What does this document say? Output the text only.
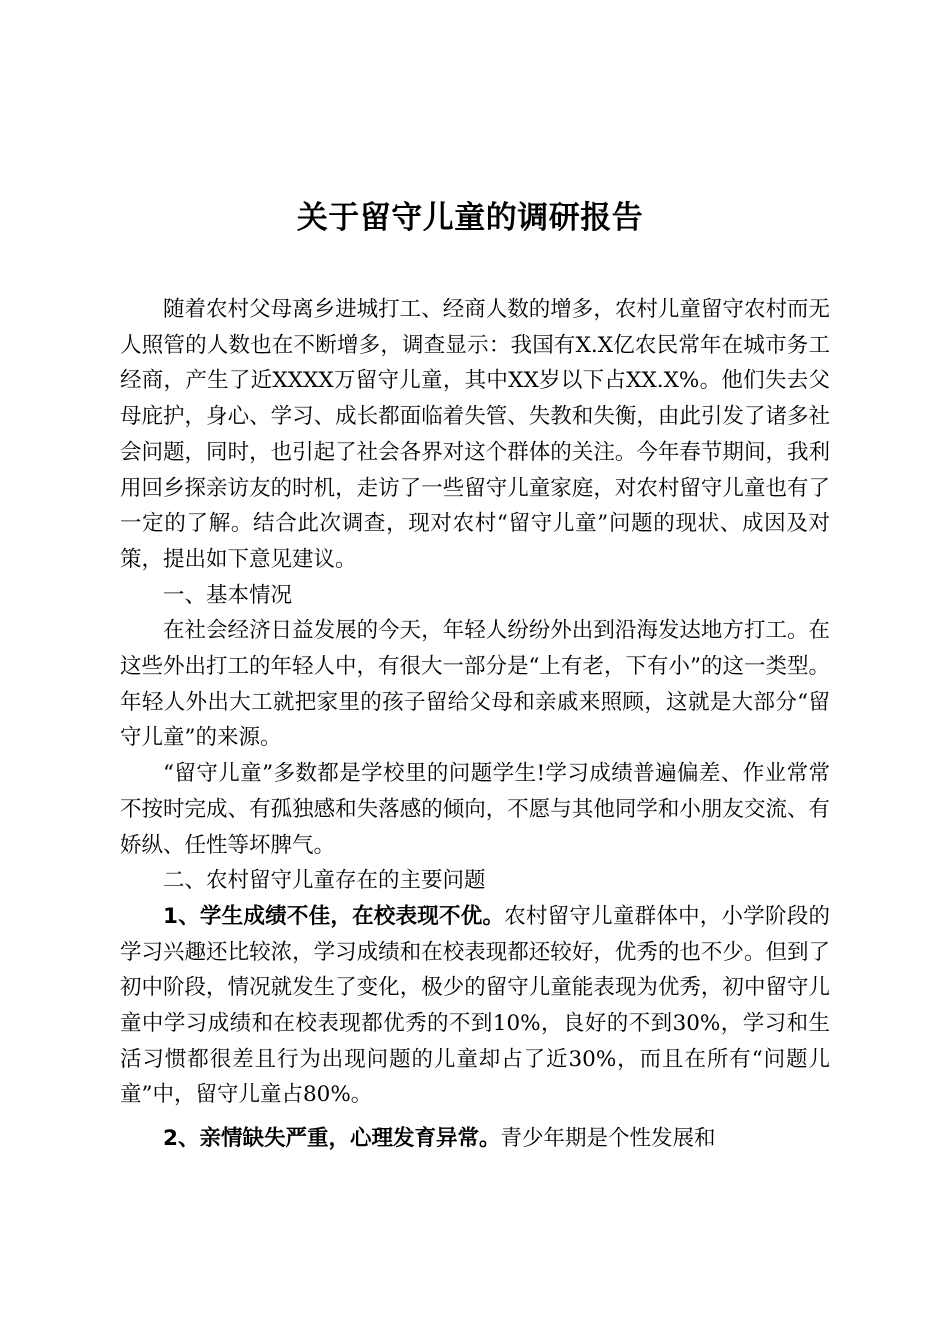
关于留守儿童的调研报告

随着农村父母离乡进城打工、经商人数的增多，农村儿童留守农村而无人照管的人数也在不断增多，调查显示：我国有X.X亿农民常年在城市务工经商，产生了近XXXX万留守儿童，其中XX岁以下占XX.X%。他们失去父母庇护，身心、学习、成长都面临着失管、失教和失衡，由此引发了诸多社会问题，同时，也引起了社会各界对这个群体的关注。今年春节期间，我利用回乡探亲访友的时机，走访了一些留守儿童家庭，对农村留守儿童也有了一定的了解。结合此次调查，现对农村“留守儿童”问题的现状、成因及对策，提出如下意见建议。

一、基本情况

在社会经济日益发展的今天，年轻人纷纷外出到沿海发达地方打工。在这些外出打工的年轻人中，有很大一部分是“上有老，下有小”的这一类型。年轻人外出大工就把家里的孩子留给父母和亲戚来照顾，这就是大部分“留守儿童”的来源。

“留守儿童”多数都是学校里的问题学生!学习成绩普遍偏差、作业常常不按时完成、有孤独感和失落感的倾向，不愿与其他同学和小朋友交流、有娇纵、任性等坏脾气。

二、农村留守儿童存在的主要问题

1、学生成绩不佳，在校表现不优。农村留守儿童群体中，小学阶段的学习兴趣还比较浓，学习成绩和在校表现都还较好，优秀的也不少。但到了初中阶段，情况就发生了变化，极少的留守儿童能表现为优秀，初中留守儿童中学习成绩和在校表现都优秀的不到10%，良好的不到30%，学习和生活习惯都很差且行为出现问题的儿童却占了近30%，而且在所有“问题儿童”中，留守儿童占80%。

2、亲情缺失严重，心理发育异常。青少年期是个性发展和
